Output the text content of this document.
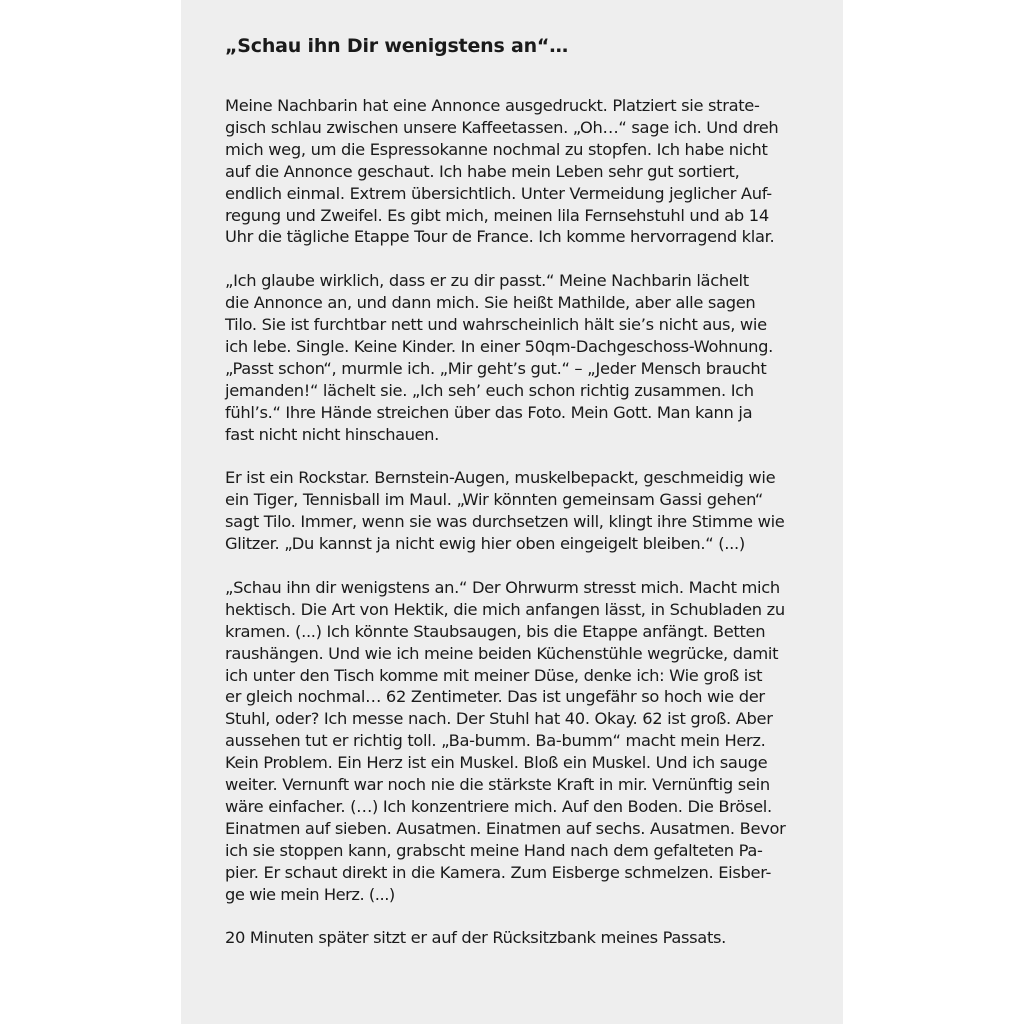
„Schau ihn Dir wenigstens an“…

Meine Nachbarin hat eine Annonce ausgedruckt. Platziert sie strate-
gisch schlau zwischen unsere Kaffeetassen. „Oh…“ sage ich. Und dreh
mich weg, um die Espressokanne nochmal zu stopfen. Ich habe nicht
auf die Annonce geschaut. Ich habe mein Leben sehr gut sortiert,
endlich einmal. Extrem übersichtlich. Unter Vermeidung jeglicher Auf-
regung und Zweifel. Es gibt mich, meinen lila Fernsehstuhl und ab 14
Uhr die tägliche Etappe Tour de France. Ich komme hervorragend klar.

„Ich glaube wirklich, dass er zu dir passt.“ Meine Nachbarin lächelt
die Annonce an, und dann mich. Sie heißt Mathilde, aber alle sagen
Tilo. Sie ist furchtbar nett und wahrscheinlich hält sie’s nicht aus, wie
ich lebe. Single. Keine Kinder. In einer 50qm-Dachgeschoss-Wohnung.
„Passt schon“, murmle ich. „Mir geht’s gut.“ – „Jeder Mensch braucht
jemanden!“ lächelt sie. „Ich seh’ euch schon richtig zusammen. Ich
fühl’s.“ Ihre Hände streichen über das Foto. Mein Gott. Man kann ja
fast nicht nicht hinschauen.

Er ist ein Rockstar. Bernstein-Augen, muskelbepackt, geschmeidig wie
ein Tiger, Tennisball im Maul. „Wir könnten gemeinsam Gassi gehen“
sagt Tilo. Immer, wenn sie was durchsetzen will, klingt ihre Stimme wie
Glitzer. „Du kannst ja nicht ewig hier oben eingeigelt bleiben.“ (...)

„Schau ihn dir wenigstens an.“ Der Ohrwurm stresst mich. Macht mich
hektisch. Die Art von Hektik, die mich anfangen lässt, in Schubladen zu
kramen. (...) Ich könnte Staubsaugen, bis die Etappe anfängt. Betten
raushängen. Und wie ich meine beiden Küchenstühle wegrücke, damit
ich unter den Tisch komme mit meiner Düse, denke ich: Wie groß ist
er gleich nochmal… 62 Zentimeter. Das ist ungefähr so hoch wie der
Stuhl, oder? Ich messe nach. Der Stuhl hat 40. Okay. 62 ist groß. Aber
aussehen tut er richtig toll. „Ba-bumm. Ba-bumm“ macht mein Herz.
Kein Problem. Ein Herz ist ein Muskel. Bloß ein Muskel. Und ich sauge
weiter. Vernunft war noch nie die stärkste Kraft in mir. Vernünftig sein
wäre einfacher. (…) Ich konzentriere mich. Auf den Boden. Die Brösel.
Einatmen auf sieben. Ausatmen. Einatmen auf sechs. Ausatmen. Bevor
ich sie stoppen kann, grabscht meine Hand nach dem gefalteten Pa-
pier. Er schaut direkt in die Kamera. Zum Eisberge schmelzen. Eisber-
ge wie mein Herz. (...)

20 Minuten später sitzt er auf der Rücksitzbank meines Passats.
